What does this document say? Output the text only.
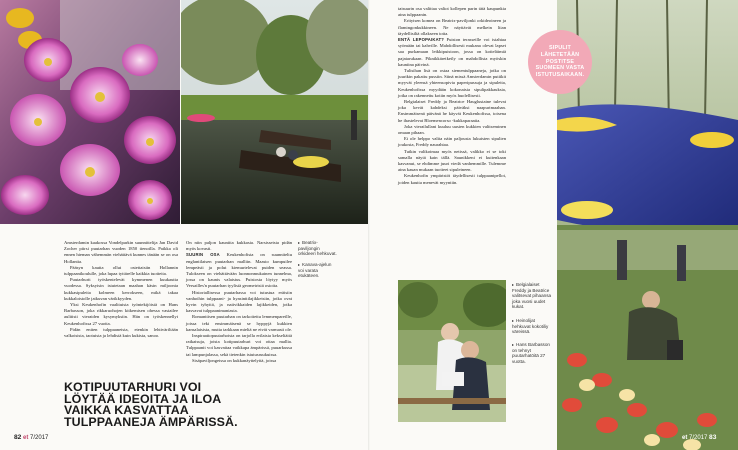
Amsterdamin kaakossa Vondelparkin suunnittelija Jan David Zocher piirsi puutarhan vuoden 1850 tienoilla. Paikka oli ennen hieman vähemmän viehättävä kunnes tänään se on osa Hollantia.

Pääsyn kautta ollut ostettaisiin Hollannin tulppaanikoululle, joka lupaa tyttärelle kaikkia tuotteita.

Puutarhurit työskentelevät kymmenen kuukautta vuodessa. Syksyisin istutetaan maahan käsin miljoonia kukkasipuleita kolmeen kerrokseen, mikä takaa kukkaloistolle jatkuvan värikkyyden.

Yksi Keukenhofin vaalituista työntekijöistä on Hans Barbasson, joka rikkaruohojen kitkemisen ohessa vastailee aulitisti vieraiden kysymyksiin. Hän on työskennellyt Keukenhofissa 27 vuotta.

Pidän eniten tulppaaneista, etenkin lehtiväriltään valkoisista, taotuista ja lehdistä kuin kukista, sanoo.

On niin paljon kauniita kukkasia. Narsisseista pidän myös kovasti.

SUURIN OSA Keukenhofista on suunniteltu englantilaisen puutarhan malliin. Maasto kumpuilee lempeästi ja polut kiemurtelevat puiden seassa. Tulokseen on viehättävään luonnonmukainen tunnelma, jossa on kaunis valaistus. Puistosta löytyy myös Versailles'n puutarhan tyylisiä geometrisiä osioita.

Historiallisessa puutarhassa voi tutustua eräisiin vanhoihin tulppaani- ja hyasinttilajikkeisiin, jotka ovat hyvin tyhyitä, ja naiivikkaiden lajikkeiden, jotka kasvavat tulppaanimaniasta.

Romanttisen puutarhan on tarkoitettu lemmenpareille, joissa teki ensimmäisenä se hyppyjä kukkien kansalaisista, mutta tarkkaan mieltä ne eivät varmasti ole.

Inspiraatiopuutarhoista on tarjolla erilaisia kekseliäitä ratkaisuja, joista kotipuutarhuri voi ottaa mallia. Tulppaanit voi kasvattaa vaikkapa ämpärissä, puuarkussa tai lampunjalassa, sekä tietenkin istutusruukuissa.

Sisäpaviljongeissa on kukkanäyttelyitä, joissa

KOTIPUUTARHURI VOI LÖYTÄÄ IDEOITA JA ILOA VAIKKA KASVATTAA TULPPAANEJA ÄMPÄRISSÄ.
Beatrix-paviljongin orkideeri hehkuvat.
Kanava-ajelun voi varata etukäteen.
82 et 7/2017

taisuurin osa valittaa valiot kollepen parin tätä kaupunkia aina tulppaanin.

Erityisen komea on Beatrix-paviljonki orkideoineen ja flamingonkukkineen. Ne näyttävät melkein liian täydellisiltä ollakseen totta.

ENTÄ LEPOPAIKAT? Puiston terasseille voi istahtaa syömään tai kahville. Mahdollisesti mukana olevat lapset saa purkamaan leikkipuistoon, jossa on kotieläimiä pajatarukaan. Piknikkäretkeily on mahdollista myöskin kauniina päivinä.

Tulisihan lisä on ostaa siementulppaaneja, jotka on juurikin pakattu pussiin. Siinä missä Amsterdamin putiikit myyvät yleensä yhteensopivia paperipussuja ja sipuleita, Keukenhofissa myydään kokonaisia sipulipakkauksia, jotka on rakennettu kotiin myös huolellisesti.

Belgialaiset Freddy ja Beatrice Hauglustaine tulevat joka kevät kahdeksi päiväksi naapurimaahan. Ensimmäisenä päivänä he käyvät Keukenhofissa, toisena he ihastelevat Bloemencorso -kukkaparaatia.

Joka vierailullani kuuluu uusien kukkien valitseminen omaan pihaan.

Ei ole helppo valita näin paljousta lukuisten sipulien joukosta, Freddy naurahtaa.

Tutkin valikoimaa myös netissä, valikko ei se toki samalla näytä kain tällä. Saunikkeni ei kuitenkaan kasvanut, se ehdimme juuri viedä vanhemmille. Tulemme aina kauan mukaan tuotteet sipuleineen.

Keukenhofin ympäristöt täydellisesti tulppaanipellot, joiden kautta menevät myyntiin.

Belgialaiset Freddy ja Beatrice valitsevat pihaansa joka vuosi uudet kukat.
Heinolijat hehkuvat kokotiliy väreissä.
Hans Barbasson on tehnyt puutarhatöitä 27 vuotta.
SIPULIT LÄHETETÄÄN POSTITSE SUOMEEN VASTA ISTUTUSAIKAAN.
et 7/2017 83
